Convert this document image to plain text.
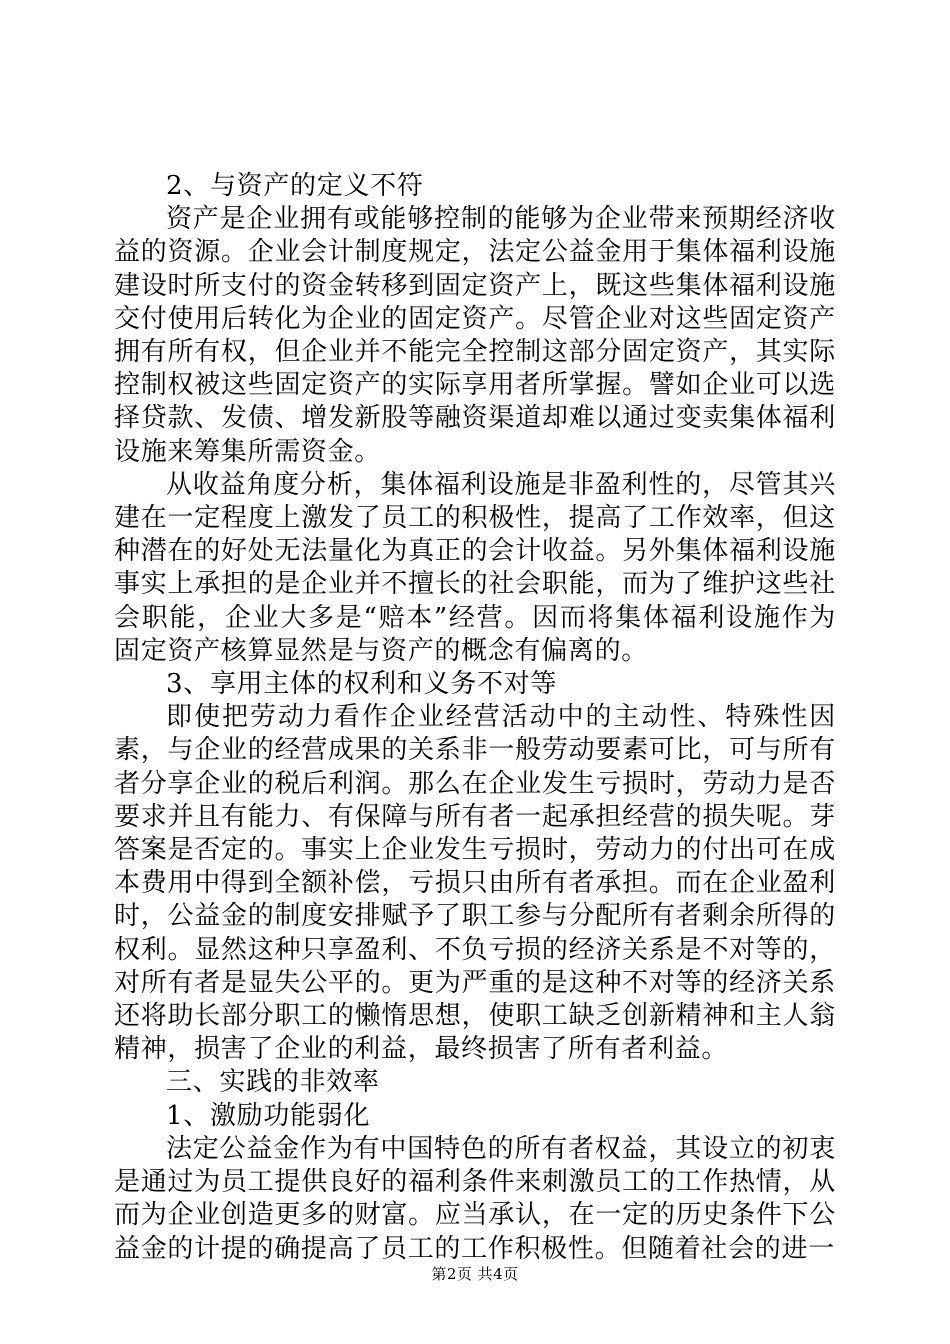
2、与资产的定义不符

资产是企业拥有或能够控制的能够为企业带来预期经济收益的资源。企业会计制度规定，法定公益金用于集体福利设施建设时所支付的资金转移到固定资产上，既这些集体福利设施交付使用后转化为企业的固定资产。尽管企业对这些固定资产拥有所有权，但企业并不能完全控制这部分固定资产，其实际控制权被这些固定资产的实际享用者所掌握。譬如企业可以选择贷款、发债、增发新股等融资渠道却难以通过变卖集体福利设施来筹集所需资金。

从收益角度分析，集体福利设施是非盈利性的，尽管其兴建在一定程度上激发了员工的积极性，提高了工作效率，但这种潜在的好处无法量化为真正的会计收益。另外集体福利设施事实上承担的是企业并不擅长的社会职能，而为了维护这些社会职能，企业大多是“赔本”经营。因而将集体福利设施作为固定资产核算显然是与资产的概念有偏离的。

3、享用主体的权利和义务不对等

即使把劳动力看作企业经营活动中的主动性、特殊性因素，与企业的经营成果的关系非一般劳动要素可比，可与所有者分享企业的税后利润。那么在企业发生亏损时，劳动力是否要求并且有能力、有保障与所有者一起承担经营的损失呢。芽答案是否定的。事实上企业发生亏损时，劳动力的付出可在成本费用中得到全额补偿，亏损只由所有者承担。而在企业盈利时，公益金的制度安排赋予了职工参与分配所有者剩余所得的权利。显然这种只享盈利、不负亏损的经济关系是不对等的，对所有者是显失公平的。更为严重的是这种不对等的经济关系还将助长部分职工的懒惰思想，使职工缺乏创新精神和主人翁精神，损害了企业的利益，最终损害了所有者利益。

三、实践的非效率

1、激励功能弱化

法定公益金作为有中国特色的所有者权益，其设立的初衷是通过为员工提供良好的福利条件来刺激员工的工作热情，从而为企业创造更多的财富。应当承认，在一定的历史条件下公益金的计提的确提高了员工的工作积极性。但随着社会的进一

第2页 共4页
